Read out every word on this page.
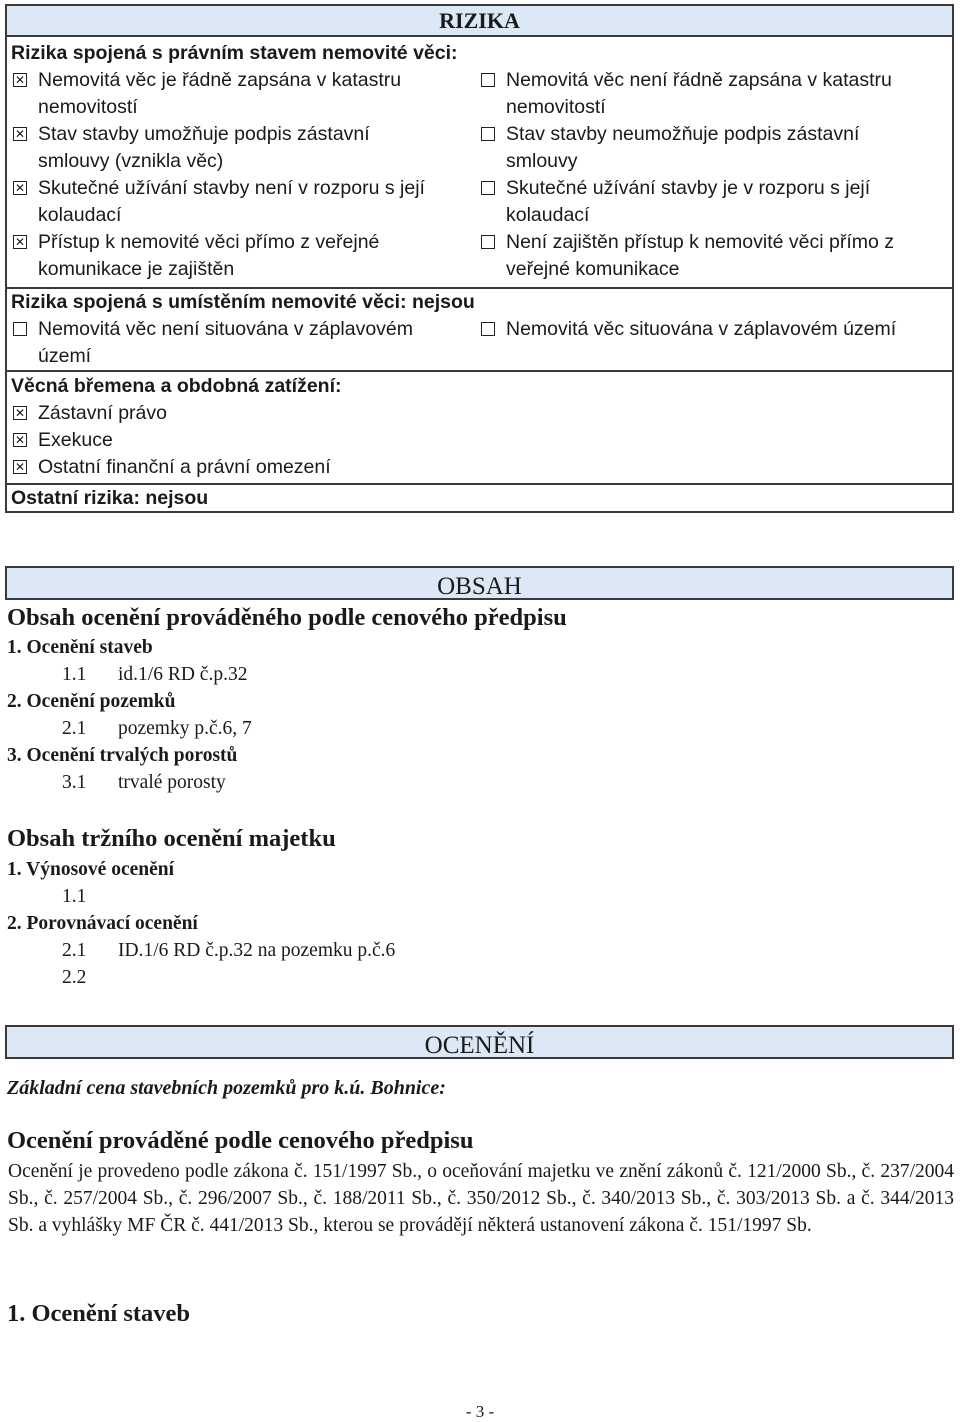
RIZIKA
Rizika spojená s právním stavem nemovité věci:
✕
Nemovitá věc je řádně zapsána v katastru
nemovitostí
Nemovitá věc není řádně zapsána v katastru
nemovitostí
✕
Stav stavby umožňuje podpis zástavní
smlouvy (vznikla věc)
Stav stavby neumožňuje podpis zástavní
smlouvy
✕
Skutečné užívání stavby není v rozporu s její
kolaudací
Skutečné užívání stavby je v rozporu s její
kolaudací
✕
Přístup k nemovité věci přímo z veřejné
komunikace je zajištěn
Není zajištěn přístup k nemovité věci přímo z
veřejné komunikace
Rizika spojená s umístěním nemovité věci: nejsou
Nemovitá věc není situována v záplavovém
území
Nemovitá věc situována v záplavovém území
Věcná břemena a obdobná zatížení:
✕
Zástavní právo
✕
Exekuce
✕
Ostatní finanční a právní omezení
Ostatní rizika: nejsou
OBSAH
Obsah ocenění prováděného podle cenového předpisu
1. Ocenění staveb
1.1 id.1/6 RD č.p.32
2. Ocenění pozemků
2.1 pozemky p.č.6, 7
3. Ocenění trvalých porostů
3.1 trvalé porosty
Obsah tržního ocenění majetku
1. Výnosové ocenění
1.1
2. Porovnávací ocenění
2.1 ID.1/6 RD č.p.32 na pozemku p.č.6
2.2
OCENĚNÍ
Základní cena stavebních pozemků pro k.ú. Bohnice:
Ocenění prováděné podle cenového předpisu
Ocenění je provedeno podle zákona č. 151/1997 Sb., o oceňování majetku ve znění zákonů č. 121/2000 Sb., č. 237/2004 Sb., č. 257/2004 Sb., č. 296/2007 Sb., č. 188/2011 Sb., č. 350/2012 Sb., č. 340/2013 Sb., č. 303/2013 Sb. a č. 344/2013 Sb. a vyhlášky MF ČR č. 441/2013 Sb., kterou se provádějí některá ustanovení zákona č. 151/1997 Sb.
1. Ocenění staveb
- 3 -
